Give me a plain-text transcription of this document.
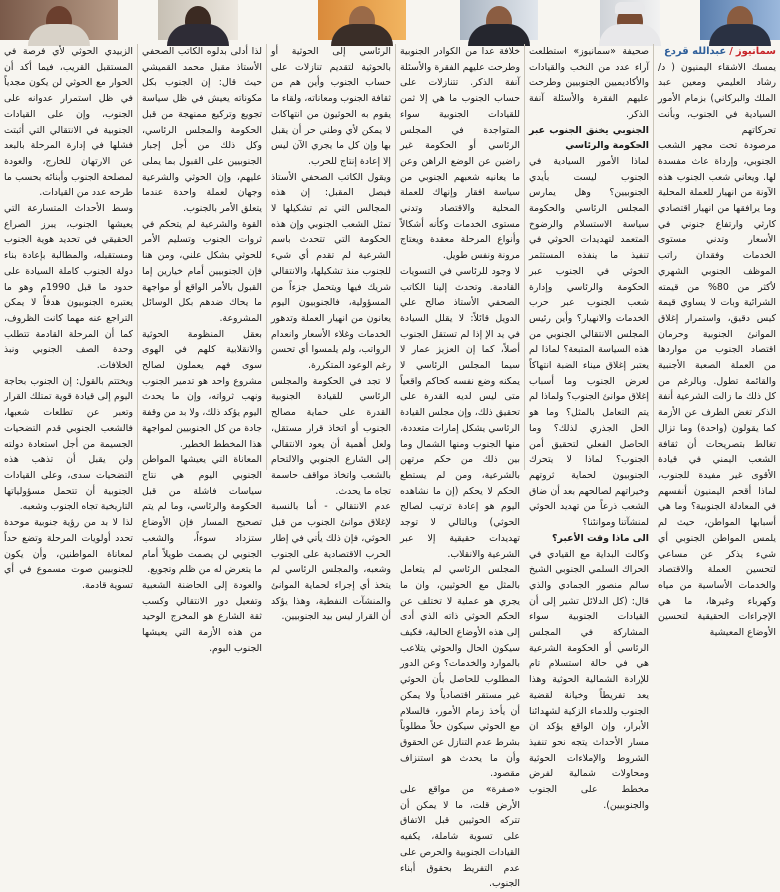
سمانيوز/عبدالله قردع

يمسك الاشقاء اليمنيون ( د/ رشاد العليمي ومعين عبد الملك والبركاني) بزمام الأمور السيادية في الجنوب، وبأنت تحركاتهم

مرصودة تحت مجهر الشعب الجنوبي، وإرداة عاث مفسدة لها. ويعاني شعب الجنوب هذه الآونة من انهيار للعملة المحلية وما يرافقها من انهيار اقتصادي كارثي وارتفاع جنوني في الأسعار وتدني مستوى الخدمات وفقدان راتب الموظف الجنوبي الشهري لأكثر من 80% من قيمته الشرائية وبات لا يساوي قيمة كيس دقيق، واستمرار إغلاق الموانئ الجنوبية وحرمان اقتصاد الجنوب من مواردها من العملة الصعبة الأجنبية والقائمة تطول. وبالرغم من كل ذلك ما زالت الشرعية أنفة الذكر تغض الطرف عن الأزمة كما يقولون (واحدة) وما تزال تغالط بتصريحات أن ثقافة الشعب اليمني في قيادة الأقوى غير مفيدة للجنوب، لماذا أقحم اليمنيون أنفسهم في المعادلة الجنوبية؟ وما هي أسبابها المواطن، حيث لم يلمس المواطن الجنوبي أي شيء يذكر عن مساعي لتحسين العملة والاقتصاد والخدمات الأساسية من مياه وكهرباء وغيرها، ما هي الإجراءات الحقيقية لتحسين الأوضاع المعيشية

صحيفة «سمانيوز» استطلعت آراء عدد من النخب والقيادات والأكاديميين الجنوبيين وطرحت عليهم الفقرة والأسئلة آنفة الذكر.

الجنوبي يخنق الجنوب عبر الحكومة والرئاسي

لماذا الأمور السيادية في الجنوب ليست بأيدي الجنوبيين؟ وهل يمارس المجلس الرئاسي والحكومة سياسة الاستسلام والرضوخ المتعمد لتهديدات الحوثي في تنفيذ ما ينفذه المستثمر الحوثي في الجنوب عبر الحكومة والرئاسي وإدارة شعب الجنوب عبر حرب الخدمات والانهيار؟ وأين رئيس المجلس الانتقالي الجنوبي من هذه السياسة المتبعة؟ لماذا لم يعتبر إغلاق ميناء الضبة انتهاكاً لعرض الجنوب وما أسباب إغلاق موانئ الجنوب؟ ولماذا لم يتم التعامل بالمثل؟ وما هو الحل الجذري لذلك؟ وما الحاصل الفعلي لتحقيق أمن الجنوب؟ لماذا لا يتحرك الجنوبيون لحماية ثروتهم وخيراتهم لصالحهم بعد أن ضاق الشعب ذرعاً من تهديد الحوثي لمنشآتنا وموانئنا؟

الى ماذا وقت الأعبر؟

وكالت البداية مع القيادي في الحراك السلمي الجنوبي الشيخ سالم منصور الجمادي والذي قال: (كل الدلائل تشير إلى أن القيادات الجنوبية سواء المشاركة في المجلس الرئاسي أو الحكومة الشرعية هي في حالة استسلام تام للإرادة الشمالية الحوثية وهذا يعد تفريطاً وخيانة لقضية الجنوب وللدماء الزكية لشهدائنا الأبرار، وإن الواقع يؤكد ان مسار الأحداث يتجه نحو تنفيذ الشروط والإملاءات الحوثية ومحاولات شمالية لفرض مخطط على الجنوب والجنوبيين).

خلافة عدا من الكوادر الجنوبية وطرحت عليهم الفقرة والأسئلة آنفة الذكر. تتنازلات على حساب الجنوب ما هي إلا ثمن للقيادات الجنوبية سواء المتواجدة في المجلس الرئاسي أو الحكومة غير راضين عن الوضع الراهن وعن ما يعانيه شعبهم الجنوبي من سياسة افقار وإنهاك للعملة المحلية والاقتصاد وتدني مستوى الخدمات وكأنه أشكالاً وأنواع المرحلة معقدة ويعتاج مرونة ونفس طويل.

لا وجود للرئاسي في التسويات القادمة. وتحدث إلينا الكاتب الصحفي الأستاذ صالح علي الدويل قائلاً: لا يقلل السيادة في يد الإ إذا لم تستقل الجنوب أصلاً، كما إن العزيز عمار لا سيما المجلس الرئاسي لا يمكنه وضع نفسه كحاكم واقعياً متى ليس لديه القدرة على تحقيق ذلك، وإن مجلس القيادة الرئاسي يشكل إمارات متعددة، منها الجنوب ومنها الشمال وما بين ذلك من حكم مرتهن بالشرعية، ومن لم يستطع الحكم لا يحكم (إن ما نشاهده اليوم هو إعادة ترتيب لصالح الحوثي) وبالتالي لا توجد تهديدات حقيقية إلا عبر الشرعية والانقلاب.

المجلس الرئاسي لم يتعامل بالمثل مع الحوثيين، وان ما يجري هو عملية لا تختلف عن الحكم الحوثي ذاته الذي أدى إلى هذه الأوضاع الحالية، فكيف سيكون الحال والحوثي يتلاعب بالموارد والخدمات؟ وعن الدور المطلوب للحاصل بأن الحوثي غير مستقر اقتصادياً ولا يمكن أن يأخذ زمام الأمور، فالسلام مع الحوثي سيكون حلاً مطلوباً بشرط عدم التنازل عن الحقوق وأن ما يحدث هو استنزاف مقصود.

«صفرة» من مواقع على الأرض قلت، ما لا يمكن أن تتركه الحوثيين قبل الاتفاق على تسوية شاملة، يكفيه القيادات الجنوبية والحرص على عدم التفريط بحقوق أبناء الجنوب.

الرئاسي إلى الحوثية أو بالحوثية لتقديم تنازلات على حساب الجنوب وأين هم من ثقافة الجنوب ومعاناته، ولقاء ما يقوم به الحوثيون من انتهاكات لا يمكن لأي وطني حر أن يقبل بها وإن كل ما يجري الآن ليس إلا إعادة إنتاج للحرب.

ويقول الكاتب الصحفي الأستاذ فيصل المقبل: إن هذه المجالس التي تم تشكيلها لا تمثل الشعب الجنوبي وإن هذه الحكومة التي تتحدث باسم الشرعية لم تقدم أي شيء للجنوب منذ تشكيلها، والانتقالي شريك فيها ويتحمل جزءاً من المسؤولية، فالجنوبيون اليوم يعانون من انهيار العملة وتدهور الخدمات وغلاء الأسعار وانعدام الرواتب، ولم يلمسوا أي تحسن رغم الوعود المتكررة.

لا تجد في الحكومة والمجلس الرئاسي للقيادة الجنوبية القدرة على حماية مصالح الجنوب أو اتخاذ قرار مستقل، ولعل أهمية أن يعود الانتقالي إلى الشارع الجنوبي والالتحام بالشعب واتخاذ مواقف حاسمة تجاه ما يحدث.

عدم الانتقالي - أما بالنسبة لإغلاق موانئ الجنوب من قبل الحوثي، فإن ذلك يأتي في إطار الحرب الاقتصادية على الجنوب وشعبه، والمجلس الرئاسي لم يتخذ أي إجراء لحماية الموانئ والمنشآت النفطية، وهذا يؤكد أن القرار ليس بيد الجنوبيين.

لذا أدلى بدلوه الكاتب الصحفي الأستاذ مقبل محمد القميشي حيث قال: إن الجنوب بكل مكوناته يعيش في ظل سياسة تجويع وتركيع ممنهجة من قبل الحكومة والمجلس الرئاسي، وكل ذلك من أجل إجبار الجنوبيين على القبول بما يملى عليهم، وإن الحوثي والشرعية وجهان لعملة واحدة عندما يتعلق الأمر بالجنوب.

القوة والشرعية لم يتحكم في ثروات الجنوب وتسليم الأمر للحوثي بشكل علني، ومن هنا فإن الجنوبيين أمام خيارين إما القبول بالأمر الواقع أو مواجهة ما يحاك ضدهم بكل الوسائل المشروعة.

بعقل المنظومة الحوثية والانقلابية كلهم في الهوى سوى فهم يعملون لصالح مشروع واحد هو تدمير الجنوب ونهب ثرواته، وإن ما يحدث اليوم يؤكد ذلك، ولا بد من وقفة جادة من كل الجنوبيين لمواجهة هذا المخطط الخطير.

المعاناة التي يعيشها المواطن الجنوبي اليوم هي نتاج سياسات فاشلة من قبل الحكومة والرئاسي، وما لم يتم تصحيح المسار فإن الأوضاع ستزداد سوءاً، والشعب الجنوبي لن يصمت طويلاً أمام ما يتعرض له من ظلم وتجويع.

والعودة إلى الحاضنة الشعبية وتفعيل دور الانتقالي وكسب ثقة الشارع هو المخرج الوحيد من هذه الأزمة التي يعيشها الجنوب اليوم.

الزبيدي الحوثي لأي فرصة في المستقبل القريب، فيما أكد أن الحوار مع الحوثي لن يكون مجدياً في ظل استمرار عدوانه على الجنوب، وإن على القيادات الجنوبية في الانتقالي التي أثبتت فشلها في إدارة المرحلة بالبعد عن الارتهان للخارج، والعودة لمصلحة الجنوب وأبنائه بحسب ما طرحه عدد من القيادات.

وسط الأحداث المتسارعة التي يعيشها الجنوب، يبرز الصراع الحقيقي في تحديد هوية الجنوب ومستقبله، والمطالبة بإعادة بناء دولة الجنوب كاملة السيادة على حدود ما قبل 1990م وهو ما يعتبره الجنوبيون هدفاً لا يمكن التراجع عنه مهما كانت الظروف، كما أن المرحلة القادمة تتطلب وحدة الصف الجنوبي ونبذ الخلافات.

ويختتم بالقول: إن الجنوب بحاجة اليوم إلى قيادة قوية تمتلك القرار وتعبر عن تطلعات شعبها، فالشعب الجنوبي قدم التضحيات الجسيمة من أجل استعادة دولته ولن يقبل أن تذهب هذه التضحيات سدى، وعلى القيادات الجنوبية أن تتحمل مسؤولياتها التاريخية تجاه الجنوب وشعبه.

لذا لا بد من رؤية جنوبية موحدة تحدد أولويات المرحلة وتضع حداً لمعاناة المواطنين، وأن يكون للجنوبيين صوت مسموع في أي تسوية قادمة.
